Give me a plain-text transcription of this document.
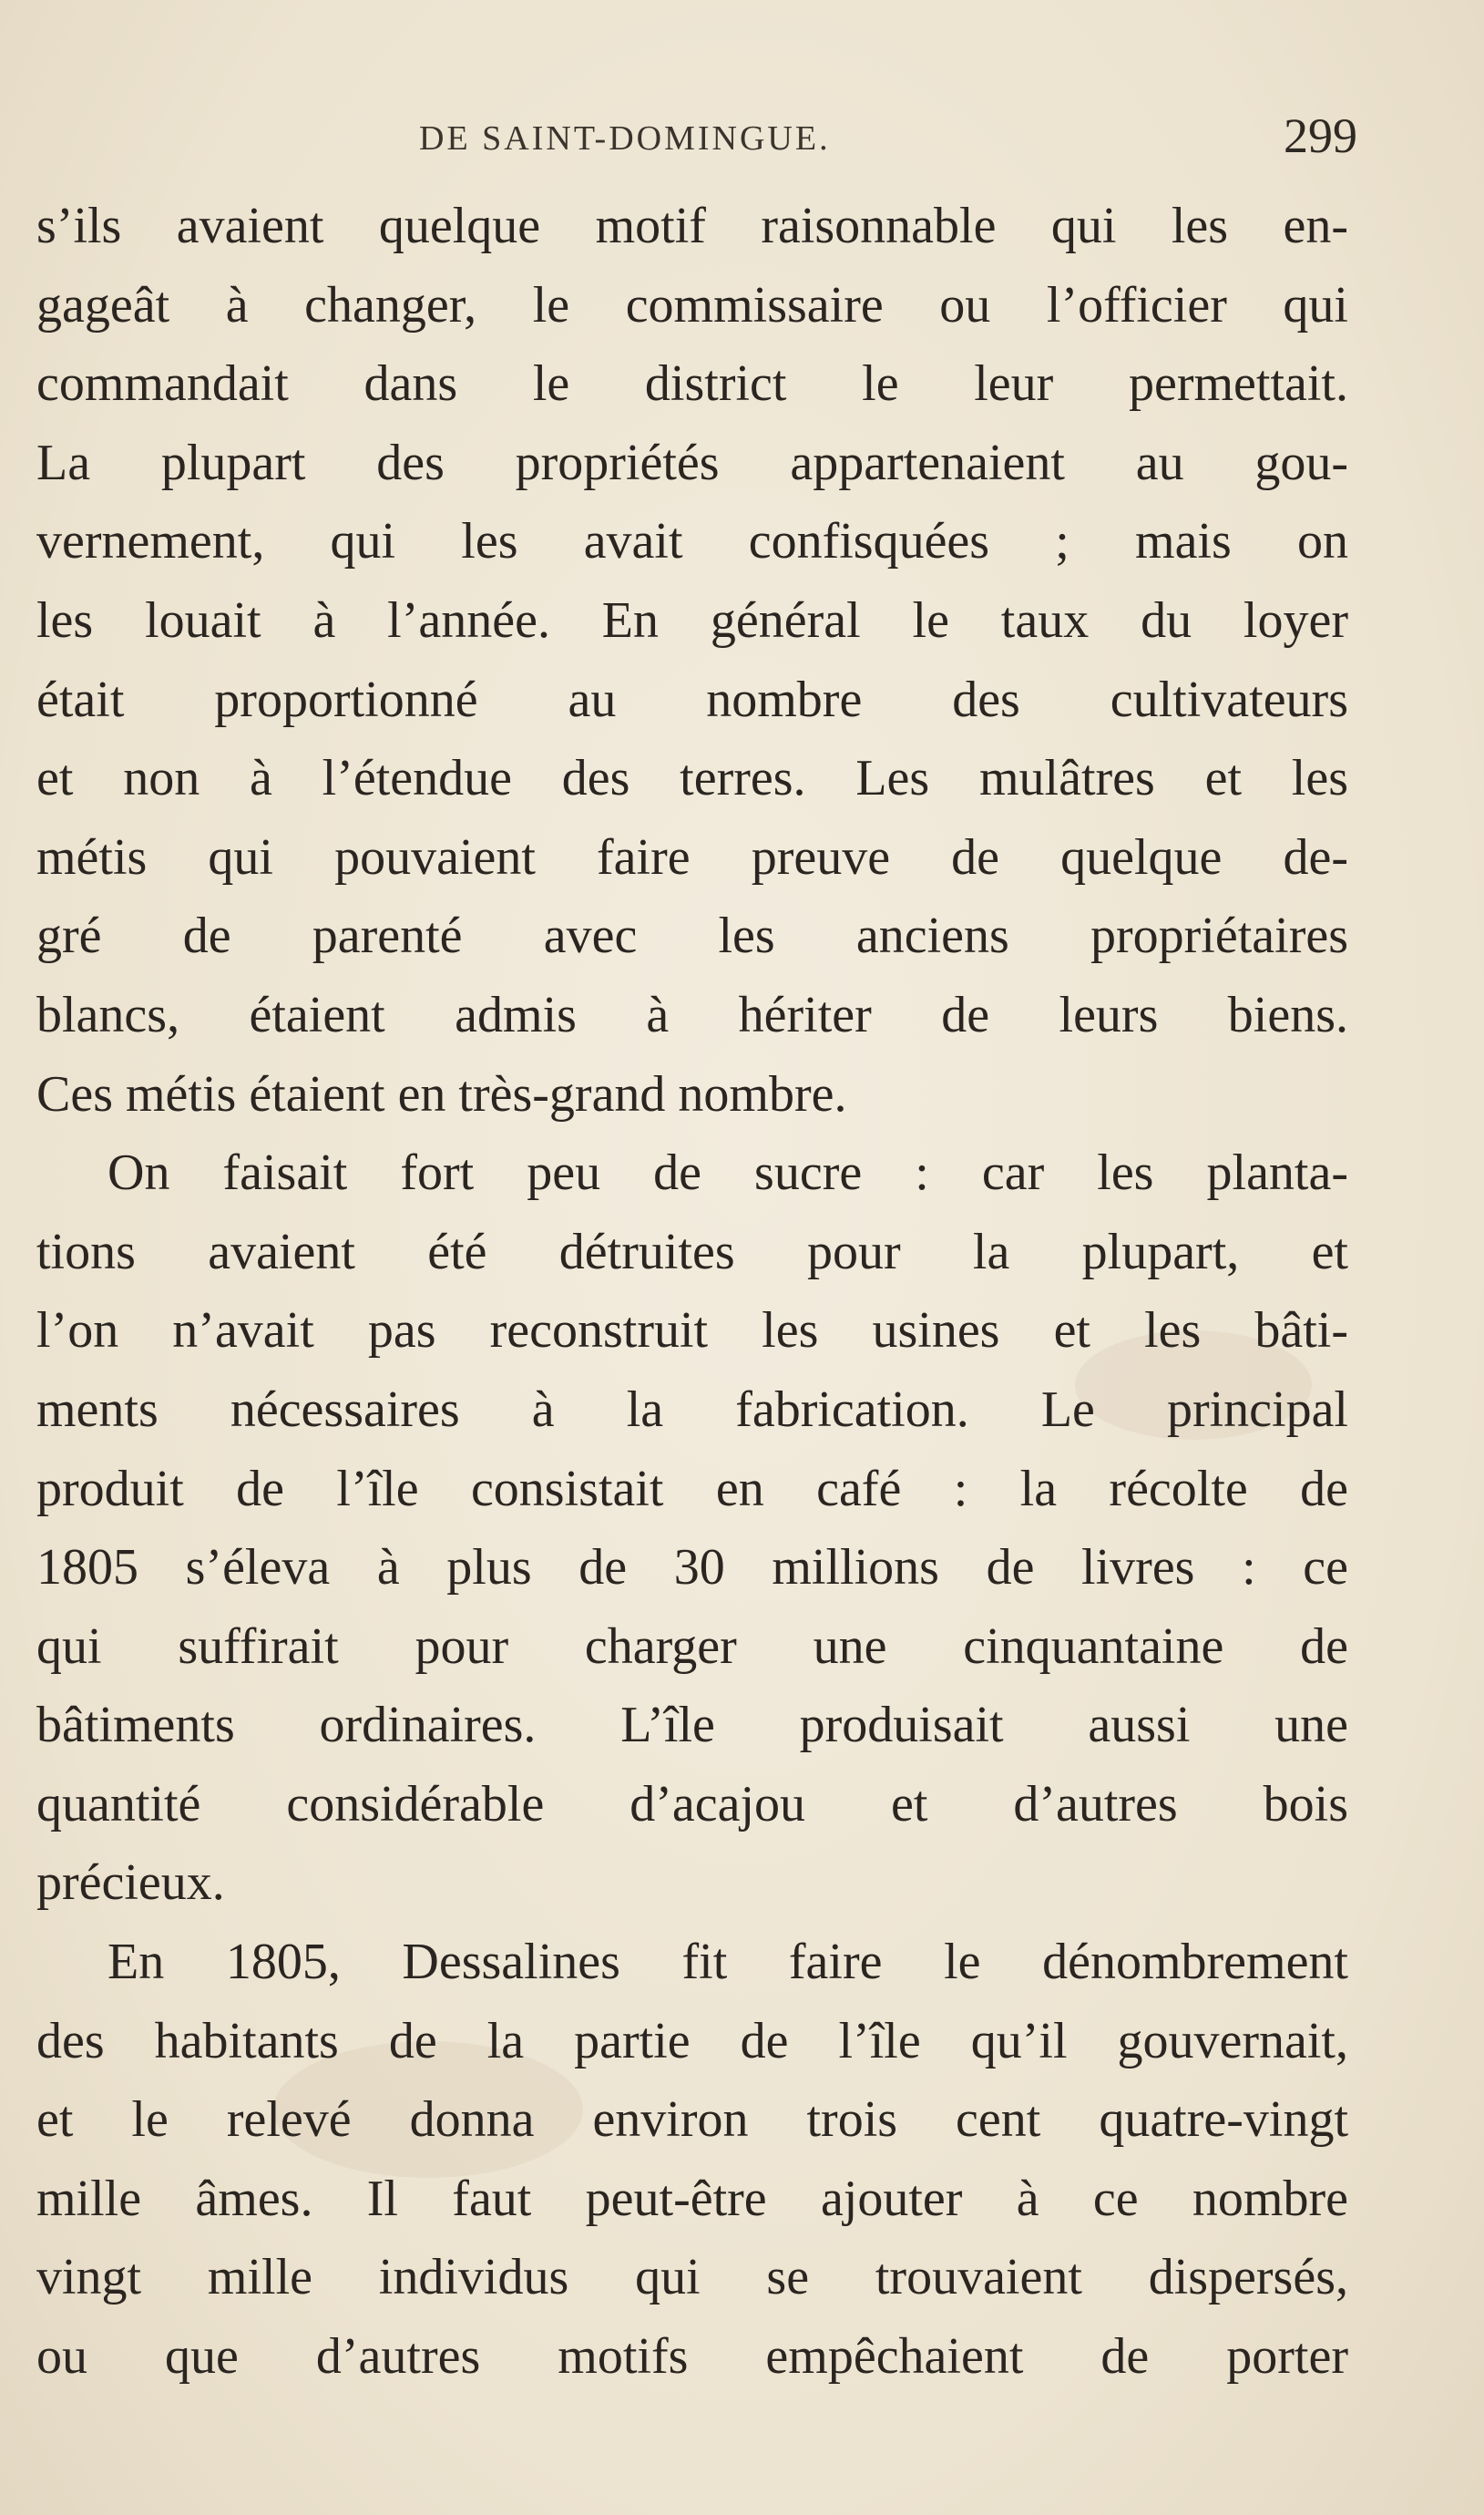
DE SAINT-DOMINGUE.	299
s’ils avaient quelque motif raisonnable qui les en-
gageât à changer, le commissaire ou l’officier qui
commandait dans le district le leur permettait.
La plupart des propriétés appartenaient au gou-
vernement, qui les avait confisquées ; mais on
les louait à l’année. En général le taux du loyer
était proportionné au nombre des cultivateurs
et non à l’étendue des terres. Les mulâtres et les
métis qui pouvaient faire preuve de quelque de-
gré de parenté avec les anciens propriétaires
blancs, étaient admis à hériter de leurs biens.
Ces métis étaient en très-grand nombre.
On faisait fort peu de sucre : car les planta-
tions avaient été détruites pour la plupart, et
l’on n’avait pas reconstruit les usines et les bâti-
ments nécessaires à la fabrication. Le principal
produit de l’île consistait en café : la récolte de
1805 s’éleva à plus de 30 millions de livres : ce
qui suffirait pour charger une cinquantaine de
bâtiments ordinaires. L’île produisait aussi une
quantité considérable d’acajou et d’autres bois
précieux.
En 1805, Dessalines fit faire le dénombrement
des habitants de la partie de l’île qu’il gouvernait,
et le relevé donna environ trois cent quatre-vingt
mille âmes. Il faut peut-être ajouter à ce nombre
vingt mille individus qui se trouvaient dispersés,
ou que d’autres motifs empêchaient de porter
